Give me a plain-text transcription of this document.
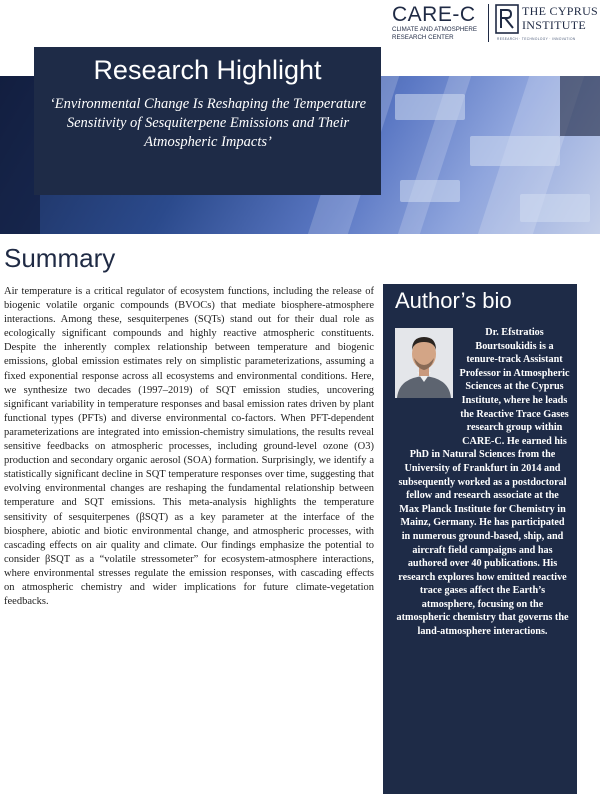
CARE-C
CLIMATE AND ATMOSPHERE
RESEARCH CENTER
THE CYPRUS
INSTITUTE
RESEARCH · TECHNOLOGY · INNOVATION
Research Highlight
‘Environmental Change Is Reshaping the Temperature Sensitivity of Sesquiterpene Emissions and Their Atmospheric Impacts’
Summary
Air temperature is a critical regulator of ecosystem functions, including the release of biogenic volatile organic compounds (BVOCs) that mediate biosphere-atmosphere interactions. Among these, sesquiterpenes (SQTs) stand out for their dual role as ecologically significant compounds and highly reactive atmospheric constituents. Despite the inherently complex relationship between temperature and biogenic emissions, global emission estimates rely on simplistic parameterizations, assuming a fixed exponential response across all ecosystems and environmental conditions. Here, we synthesize two decades (1997–2019) of SQT emission studies, uncovering significant variability in temperature responses and basal emission rates driven by plant functional types (PFTs) and diverse environmental co-factors. When PFT-dependent parameterizations are integrated into emission-chemistry simulations, the results reveal sensitive feedbacks on atmospheric processes, including ground-level ozone (O3) production and secondary organic aerosol (SOA) formation. Surprisingly, we identify a statistically significant decline in SQT temperature responses over time, suggesting that evolving environmental changes are reshaping the fundamental relationship between temperature and SQT emissions. This meta-analysis highlights the temperature sensitivity of sesquiterpenes (βSQT) as a key parameter at the interface of the biosphere, abiotic and biotic environmental change, and atmospheric processes, with cascading effects on air quality and climate. Our findings emphasize the potential to consider βSQT as a “volatile stressometer” for ecosystem-atmosphere interactions, where environmental stresses regulate the emission responses, with cascading effects on atmospheric chemistry and wider implications for future climate-vegetation feedbacks.
Author’s bio
Dr. Efstratios Bourtsoukidis is a tenure-track Assistant Professor in Atmospheric Sciences at the Cyprus Institute, where he leads the Reactive Trace Gases research group within CARE-C. He earned his PhD in Natural Sciences from the University of Frankfurt in 2014 and subsequently worked as a postdoctoral fellow and research associate at the Max Planck Institute for Chemistry in Mainz, Germany. He has participated in numerous ground-based, ship, and aircraft field campaigns and has authored over 40 publications. His research explores how emitted reactive trace gases affect the Earth’s atmosphere, focusing on the atmospheric chemistry that governs the land-atmosphere interactions.
